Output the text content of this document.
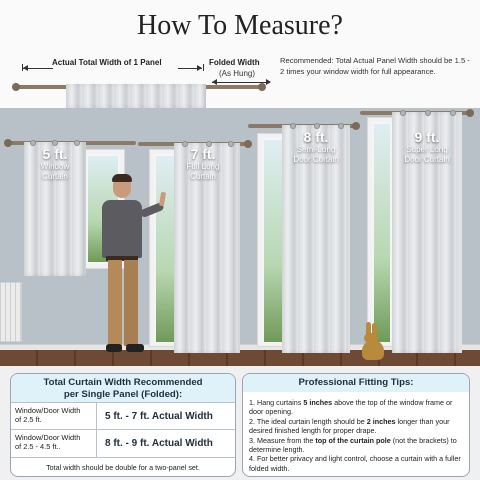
How To Measure?
Actual Total Width of 1 Panel	Folded Width
(As Hung)
Recommended: Total Actual Panel Width should be 1.5 - 2 times your window width for full appearance.
5 ft.
Window
Curtain
7 ft.
Full Long
Curtain
8 ft.
Semi-Long
Door Curtain
9 ft.
Super Long
Door Curtain
Total Curtain Width Recommended
per Single Panel (Folded):
Window/Door Width
of 2.5 ft.	5 ft. - 7 ft. Actual Width
Window/Door Width
of 2.5 - 4.5 ft..	8 ft. - 9 ft. Actual Width
Total width should be double for a two-panel set.
Professional Fitting Tips:
1. Hang curtains 5 inches above the top of the window frame or door opening.
2. The ideal curtain length should be 2 inches longer than your desired finished length for proper drape.
3. Measure from the top of the curtain pole (not the brackets) to determine length.
4. For better privacy and light control, choose a curtain with a fuller folded width.
